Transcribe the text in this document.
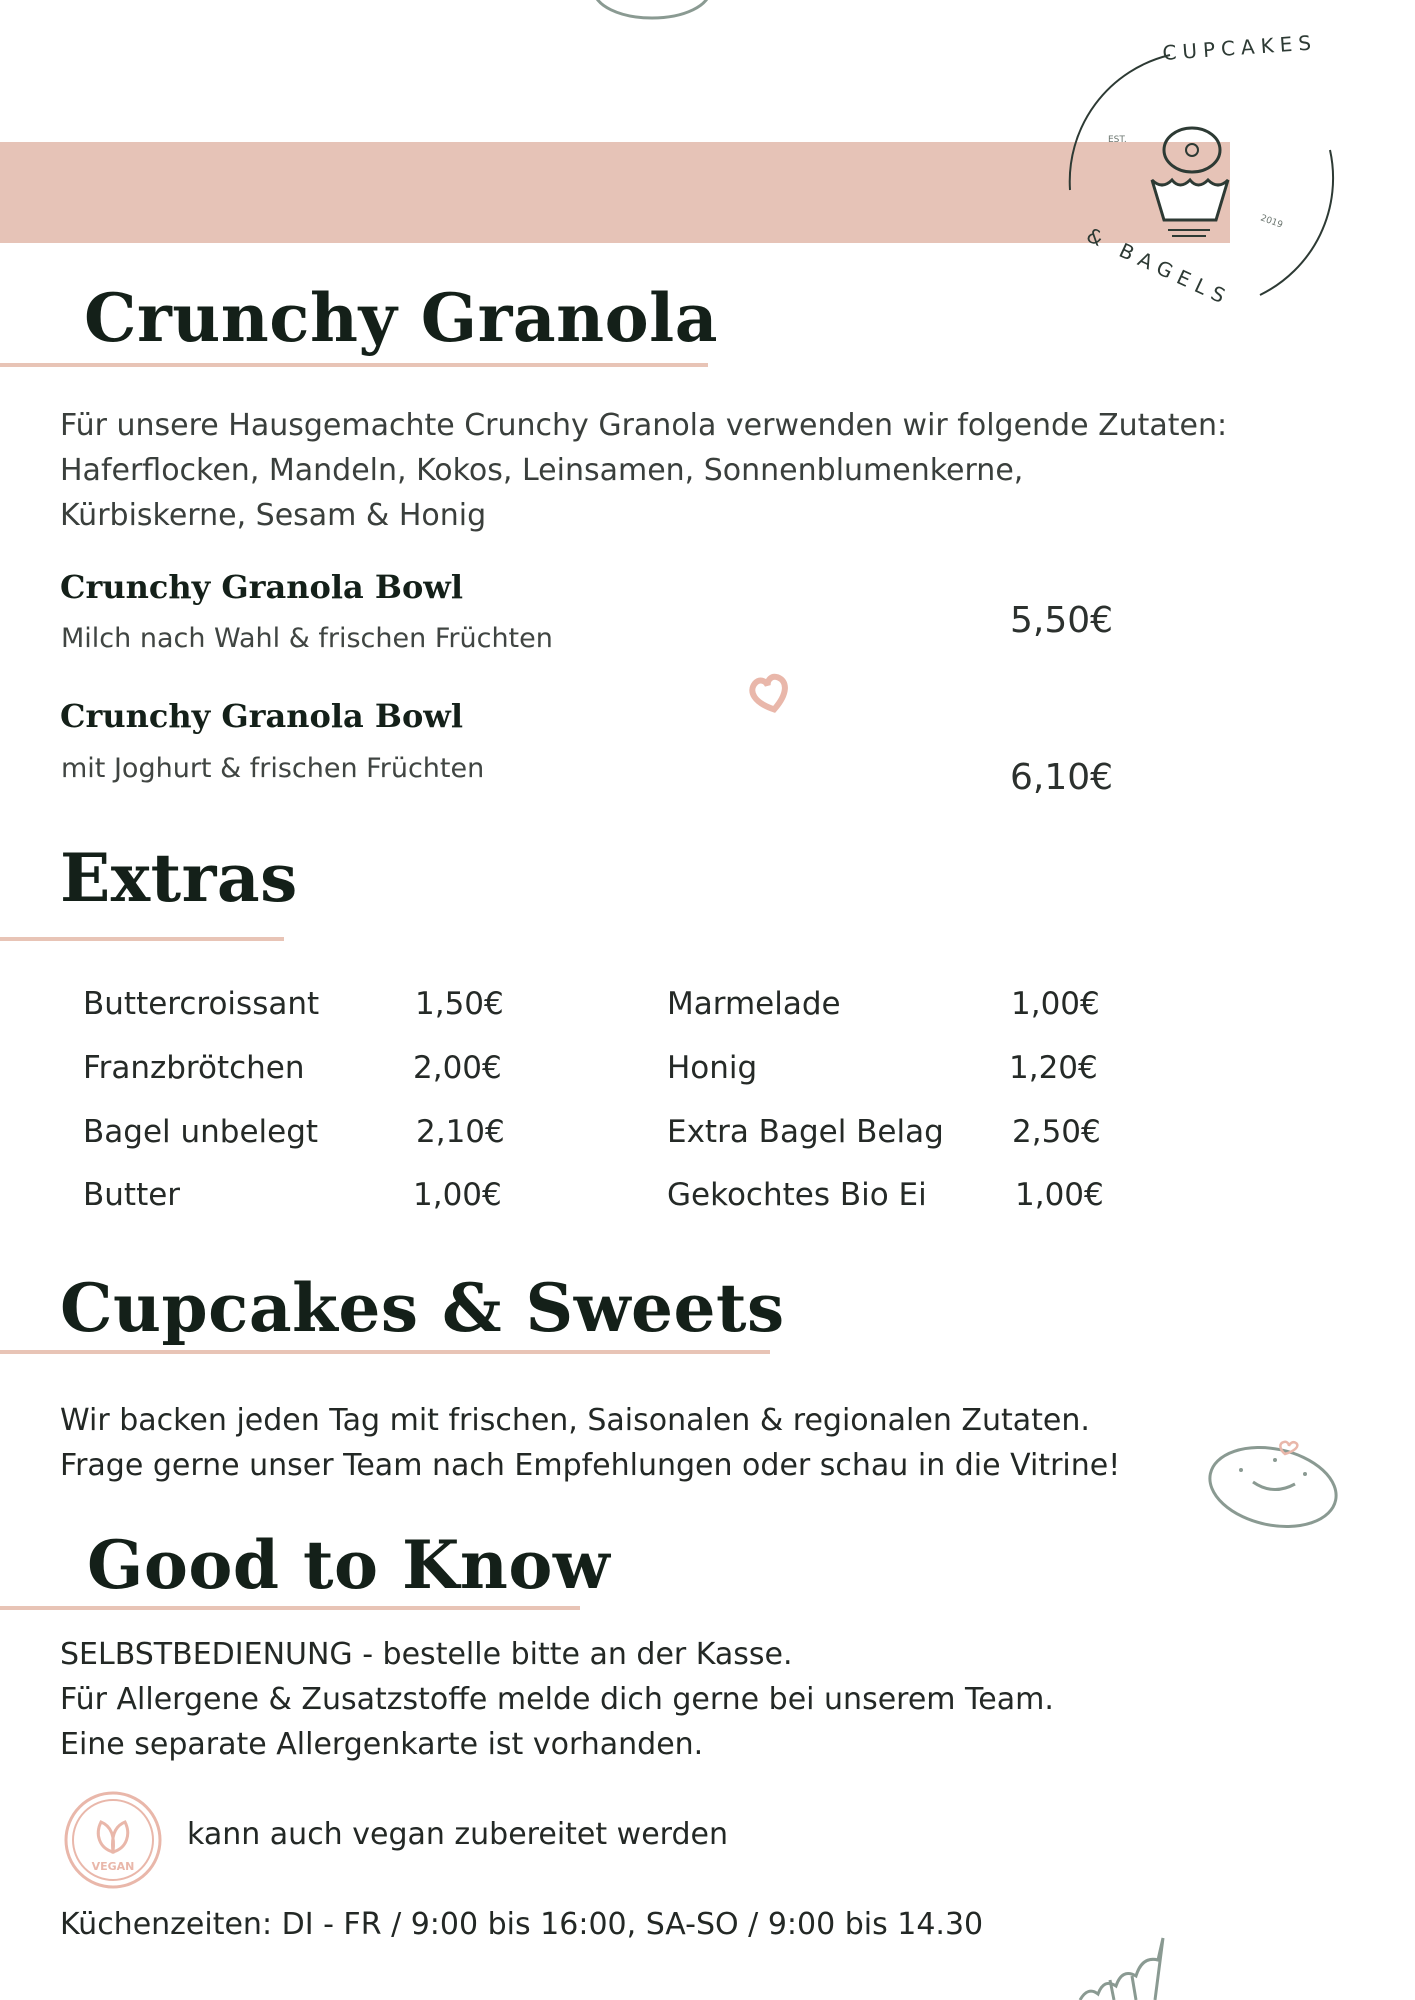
CUPCAKES
& BAGELS
EST.
2019
Crunchy Granola
Für unsere Hausgemachte Crunchy Granola verwenden wir folgende Zutaten:
Haferflocken, Mandeln, Kokos, Leinsamen, Sonnenblumenkerne,
Kürbiskerne, Sesam & Honig
Crunchy Granola Bowl
Milch nach Wahl & frischen Früchten	5,50€
Crunchy Granola Bowl
mit Joghurt & frischen Früchten	6,10€
Extras
Buttercroissant	1,50€
Franzbrötchen	2,00€
Bagel unbelegt	2,10€
Butter	1,00€
Marmelade	1,00€
Honig	1,20€
Extra Bagel Belag 2,50€
Gekochtes Bio Ei	1,00€
Cupcakes & Sweets
Wir backen jeden Tag mit frischen, Saisonalen & regionalen Zutaten.
Frage gerne unser Team nach Empfehlungen oder schau in die Vitrine!
Good to Know
SELBSTBEDIENUNG - bestelle bitte an der Kasse.
Für Allergene & Zusatzstoffe melde dich gerne bei unserem Team.
Eine separate Allergenkarte ist vorhanden.
VEGAN
kann auch vegan zubereitet werden
Küchenzeiten: DI - FR / 9:00 bis 16:00, SA-SO / 9:00 bis 14.30
